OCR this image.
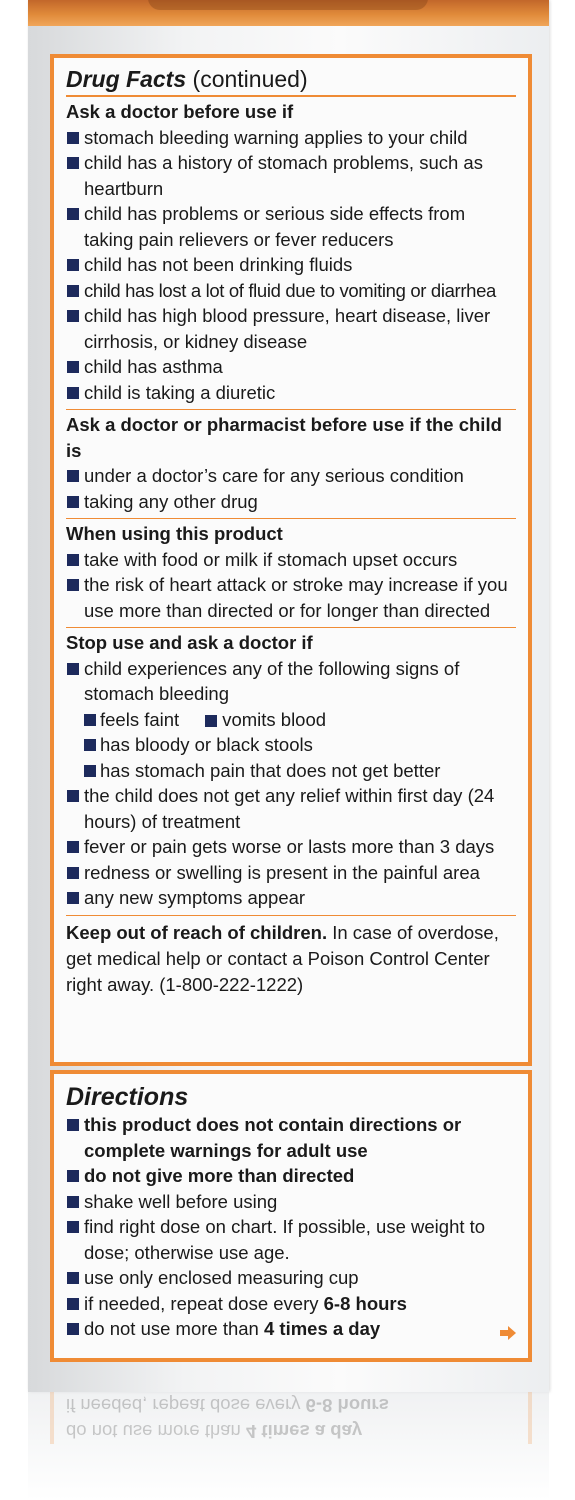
Drug Facts (continued)
Ask a doctor before use if
stomach bleeding warning applies to your child
child has a history of stomach problems, such as heartburn
child has problems or serious side effects from taking pain relievers or fever reducers
child has not been drinking fluids
child has lost a lot of fluid due to vomiting or diarrhea
child has high blood pressure, heart disease, liver cirrhosis, or kidney disease
child has asthma
child is taking a diuretic
Ask a doctor or pharmacist before use if the child is
under a doctor’s care for any serious condition
taking any other drug
When using this product
take with food or milk if stomach upset occurs
the risk of heart attack or stroke may increase if you use more than directed or for longer than directed
Stop use and ask a doctor if
child experiences any of the following signs of stomach bleeding
feels faint vomits blood
has bloody or black stools
has stomach pain that does not get better
the child does not get any relief within first day (24 hours) of treatment
fever or pain gets worse or lasts more than 3 days
redness or swelling is present in the painful area
any new symptoms appear
Keep out of reach of children. In case of overdose, get medical help or contact a Poison Control Center right away. (1-800-222-1222)
Directions
this product does not contain directions or complete warnings for adult use
do not give more than directed
shake well before using
find right dose on chart. If possible, use weight to dose; otherwise use age.
use only enclosed measuring cup
if needed, repeat dose every 6-8 hours
do not use more than 4 times a day
do not use more than 4 times a day
if needed, repeat dose every 6-8 hours
